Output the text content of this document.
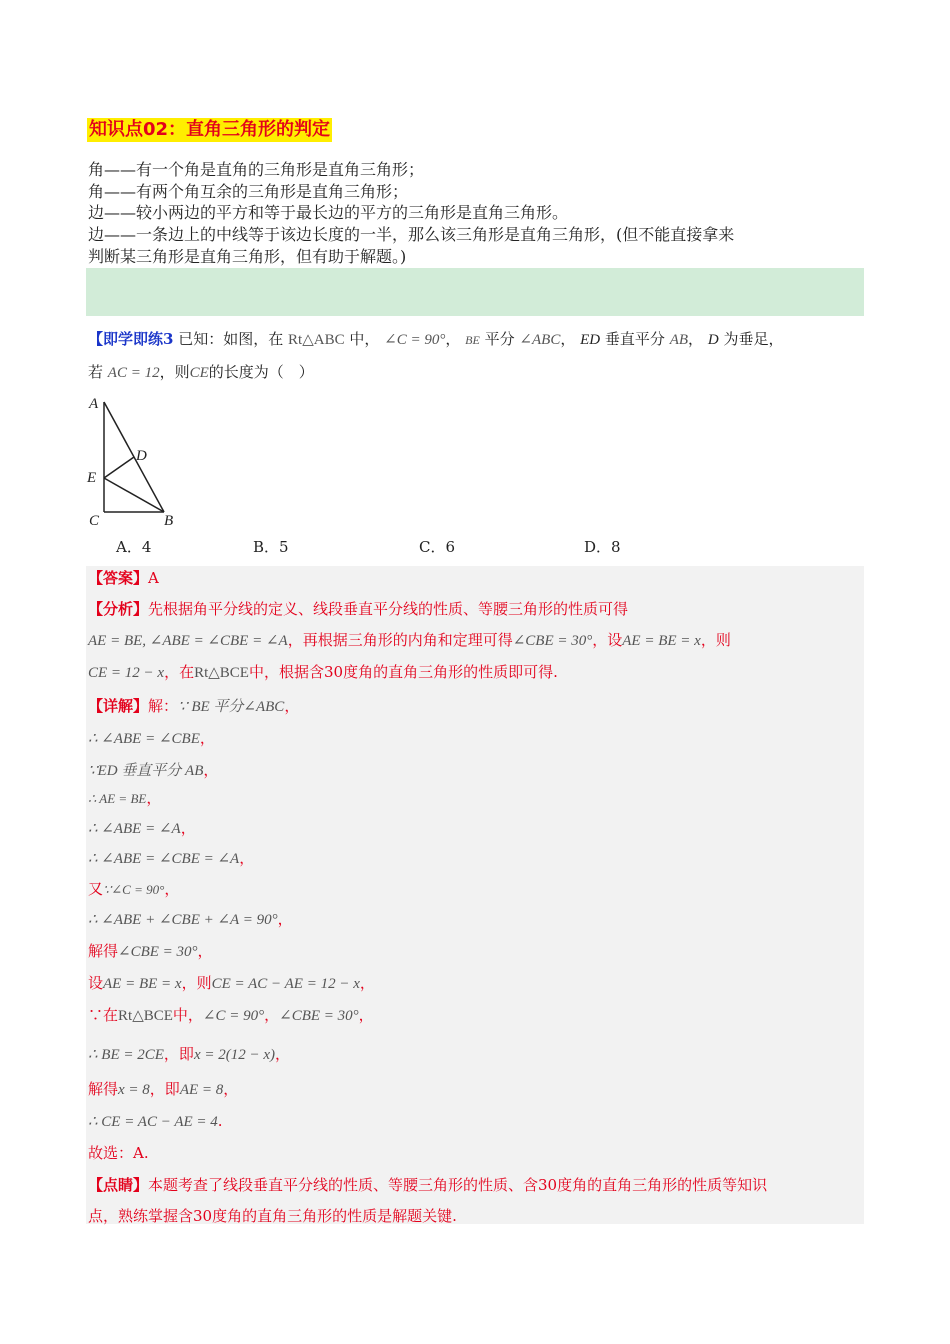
知识点02：直角三角形的判定
角——有一个角是直角的三角形是直角三角形；
角——有两个角互余的三角形是直角三角形；
边——较小两边的平方和等于最长边的平方的三角形是直角三角形。
边——一条边上的中线等于该边长度的一半，那么该三角形是直角三角形，(但不能直接拿来
判断某三角形是直角三角形，但有助于解题。)
【即学即练3 已知：如图，在 Rt△ABC 中， ∠C = 90°， BE 平分 ∠ABC， ED 垂直平分 AB， D 为垂足，
若 AC = 12，则CE的长度为（　）
A
B
C
D
E
A．4	B．5	C．6	D．8
【答案】A
【分析】先根据角平分线的定义、线段垂直平分线的性质、等腰三角形的性质可得
AE = BE, ∠ABE = ∠CBE = ∠A，再根据三角形的内角和定理可得∠CBE = 30°，设AE = BE = x，则
CE = 12 − x，在Rt△BCE中，根据含30度角的直角三角形的性质即可得.
【详解】解：∵ BE 平分∠ABC，
∴ ∠ABE = ∠CBE，
∵ED 垂直平分 AB，
∴ AE = BE，
∴ ∠ABE = ∠A，
∴ ∠ABE = ∠CBE = ∠A，
又∵∠C = 90°，
∴ ∠ABE + ∠CBE + ∠A = 90°，
解得∠CBE = 30°，
设AE = BE = x，则CE = AC − AE = 12 − x，
∵在Rt△BCE中，∠C = 90°，∠CBE = 30°，
∴ BE = 2CE，即x = 2(12 − x)，
解得x = 8，即AE = 8，
∴ CE = AC − AE = 4.
故选：A.
【点睛】本题考查了线段垂直平分线的性质、等腰三角形的性质、含30度角的直角三角形的性质等知识
点，熟练掌握含30度角的直角三角形的性质是解题关键.
